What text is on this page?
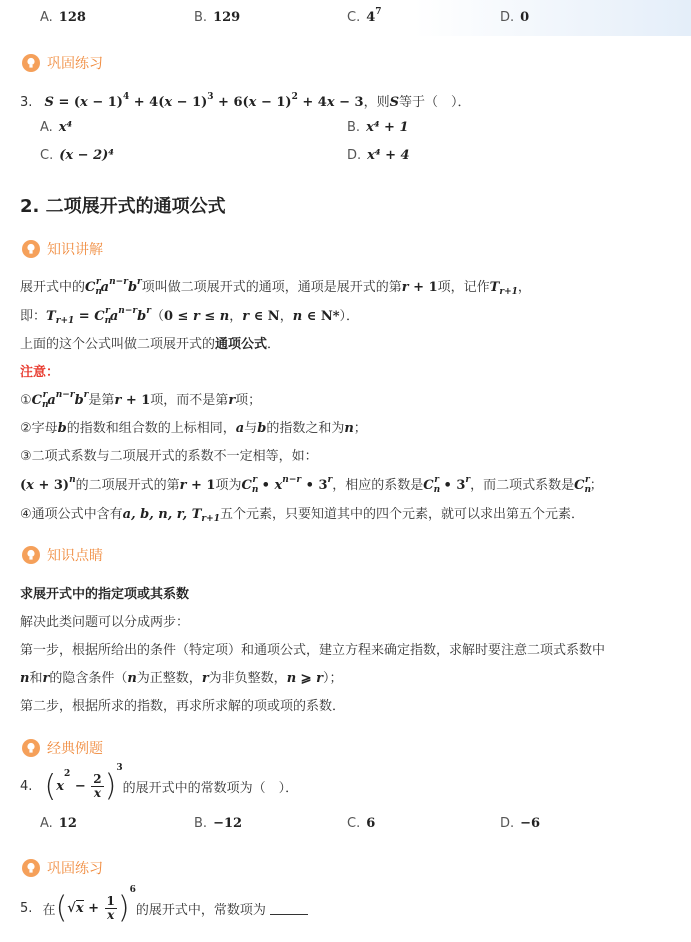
A. 128	B. 129	C. $4^7$	D. 0
巩固练习
3. $S = (x - 1)^4 + 4(x - 1)^3 + 6(x - 1)^2 + 4x - 3$，则S等于（　）．
A. x⁴	B. x⁴ + 1
C. (x − 2)⁴	D. x⁴ + 4
2. 二项展开式的通项公式
知识讲解
展开式中的$C_n^ra^{n-r}b^r$项叫做二项展开式的通项，通项是展开式的第r + 1项，记作$T_{r+1}$，
即：$T_{r+1} = C_n^ra^{n-r}b^r(0 \le r \le n$，r ∈ N，n ∈ N*）．
上面的这个公式叫做二项展开式的通项公式．
注意：
$①C_n^ra^{n-r}b^r$是第r + 1项，而不是第r项；
②字母b的指数和组合数的上标相同，a与b的指数之和为n；
③二项式系数与二项展开式的系数不一定相等，如：
$(x + 3)^n$的二项展开式的第r + 1项为$C_n^r$ • $x^{n-r}$ • 3$^r$，相应的系数是$C_n^r$ • 3$^r$，而二项式系数是$C_n^r$；
④通项公式中含有a, b, n, r, $T_{r+1}$五个元素，只要知道其中的四个元素，就可以求出第五个元素．
知识点睛
求展开式中的指定项或其系数
解决此类问题可以分成两步：
第一步，根据所给出的条件（特定项）和通项公式，建立方程来确定指数，求解时要注意二项式系数中
n和r的隐含条件（n为正整数，r为非负整数，n ⩾ r）；
第二步，根据所求的指数，再求所求解的项或项的系数．
经典例题
4. $(x^2 - \frac{2}{x} )^3$的展开式中的常数项为（　）．
A. 12	B. −12	C. 6	D. −6
巩固练习
5. 在$(√x + \frac{1}{x} )^6$的展开式中，常数项为
